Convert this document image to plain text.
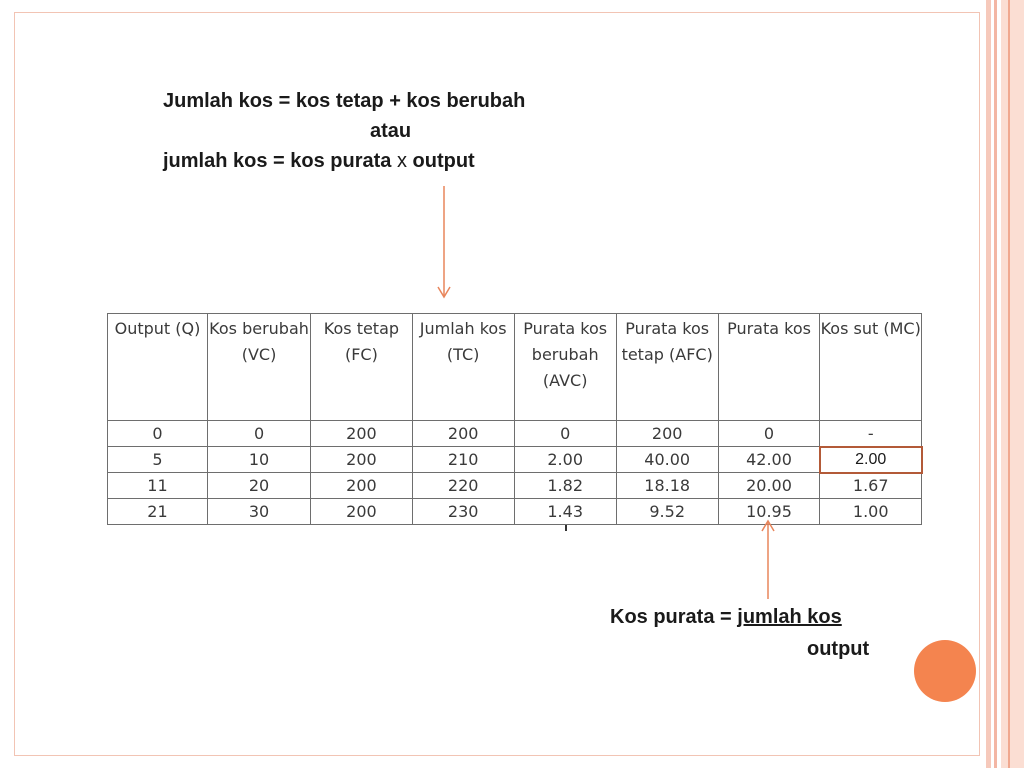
Jumlah kos = kos tetap + kos berubah

atau
jumlah kos = kos purata x output
Output (Q)	Kos berubah (VC)	Kos tetap (FC)	Jumlah kos (TC)	Purata kos berubah (AVC)	Purata kos tetap (AFC)	Purata kos	Kos sut (MC)
0	0	200	200	0	200	0	-
5	10	200	210	2.00	40.00	42.00	2.00
11	20	200	220	1.82	18.18	20.00	1.67
21	30	200	230	1.43	9.52	10.95	1.00
Kos purata = jumlah kos
output
